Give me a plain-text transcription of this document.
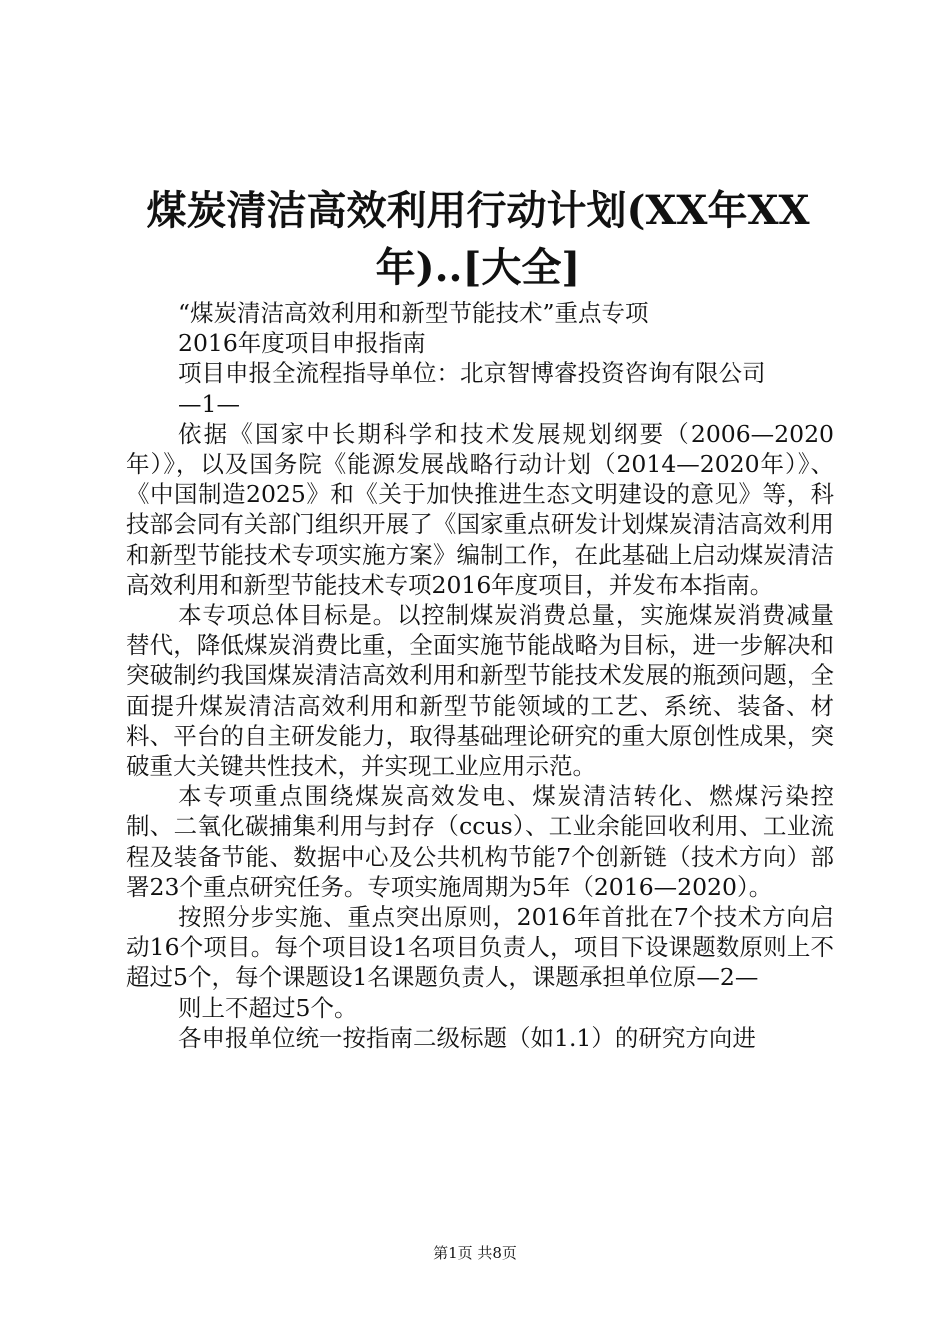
煤炭清洁高效利用行动计划(XX年XX年)..[大全]

“煤炭清洁高效利用和新型节能技术”重点专项

2016年度项目申报指南

项目申报全流程指导单位：北京智博睿投资咨询有限公司

—1—

依据《国家中长期科学和技术发展规划纲要（2006—2020年）》，以及国务院《能源发展战略行动计划（2014—2020年）》、《中国制造2025》和《关于加快推进生态文明建设的意见》等，科技部会同有关部门组织开展了《国家重点研发计划煤炭清洁高效利用和新型节能技术专项实施方案》编制工作，在此基础上启动煤炭清洁高效利用和新型节能技术专项2016年度项目，并发布本指南。

本专项总体目标是。以控制煤炭消费总量，实施煤炭消费减量替代，降低煤炭消费比重，全面实施节能战略为目标，进一步解决和突破制约我国煤炭清洁高效利用和新型节能技术发展的瓶颈问题，全面提升煤炭清洁高效利用和新型节能领域的工艺、系统、装备、材料、平台的自主研发能力，取得基础理论研究的重大原创性成果，突破重大关键共性技术，并实现工业应用示范。

本专项重点围绕煤炭高效发电、煤炭清洁转化、燃煤污染控制、二氧化碳捕集利用与封存（ccus）、工业余能回收利用、工业流程及装备节能、数据中心及公共机构节能7个创新链（技术方向）部署23个重点研究任务。专项实施周期为5年（2016—2020）。

按照分步实施、重点突出原则，2016年首批在7个技术方向启动16个项目。每个项目设1名项目负责人，项目下设课题数原则上不超过5个，每个课题设1名课题负责人，课题承担单位原—2—

则上不超过5个。

各申报单位统一按指南二级标题（如1.1）的研究方向进

第1页 共8页
